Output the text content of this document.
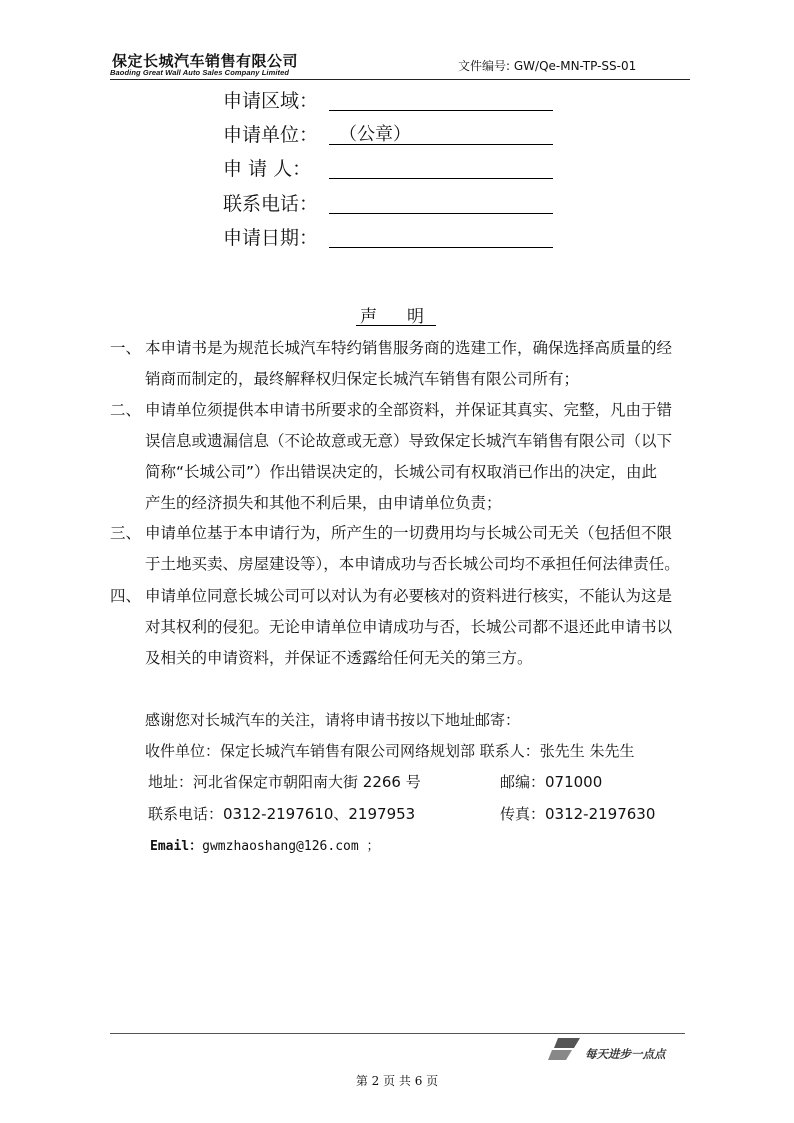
保定长城汽车销售有限公司
Baoding Great Wall Auto Sales Company Limited	文件编号: GW/Qe-MN-TP-SS-01
申请区域：
申请单位： （公章）
申 请 人：
联系电话：
申请日期：
声明
一、 本申请书是为规范长城汽车特约销售服务商的选建工作，确保选择高质量的经
销商而制定的，最终解释权归保定长城汽车销售有限公司所有；
二、 申请单位须提供本申请书所要求的全部资料，并保证其真实、完整，凡由于错
误信息或遗漏信息（不论故意或无意）导致保定长城汽车销售有限公司（以下
简称“长城公司”）作出错误决定的，长城公司有权取消已作出的决定，由此
产生的经济损失和其他不利后果，由申请单位负责；
三、 申请单位基于本申请行为，所产生的一切费用均与长城公司无关（包括但不限
于土地买卖、房屋建设等），本申请成功与否长城公司均不承担任何法律责任。
四、 申请单位同意长城公司可以对认为有必要核对的资料进行核实，不能认为这是
对其权利的侵犯。无论申请单位申请成功与否，长城公司都不退还此申请书以
及相关的申请资料，并保证不透露给任何无关的第三方。
感谢您对长城汽车的关注，请将申请书按以下地址邮寄：
收件单位：保定长城汽车销售有限公司网络规划部 联系人：张先生 朱先生
地址：河北省保定市朝阳南大街 2266 号	邮编：071000
联系电话：0312-2197610、2197953	传真：0312-2197630
Email：gwmzhaoshang@126.com ；
每天进步一点点
第 2 页 共 6 页
